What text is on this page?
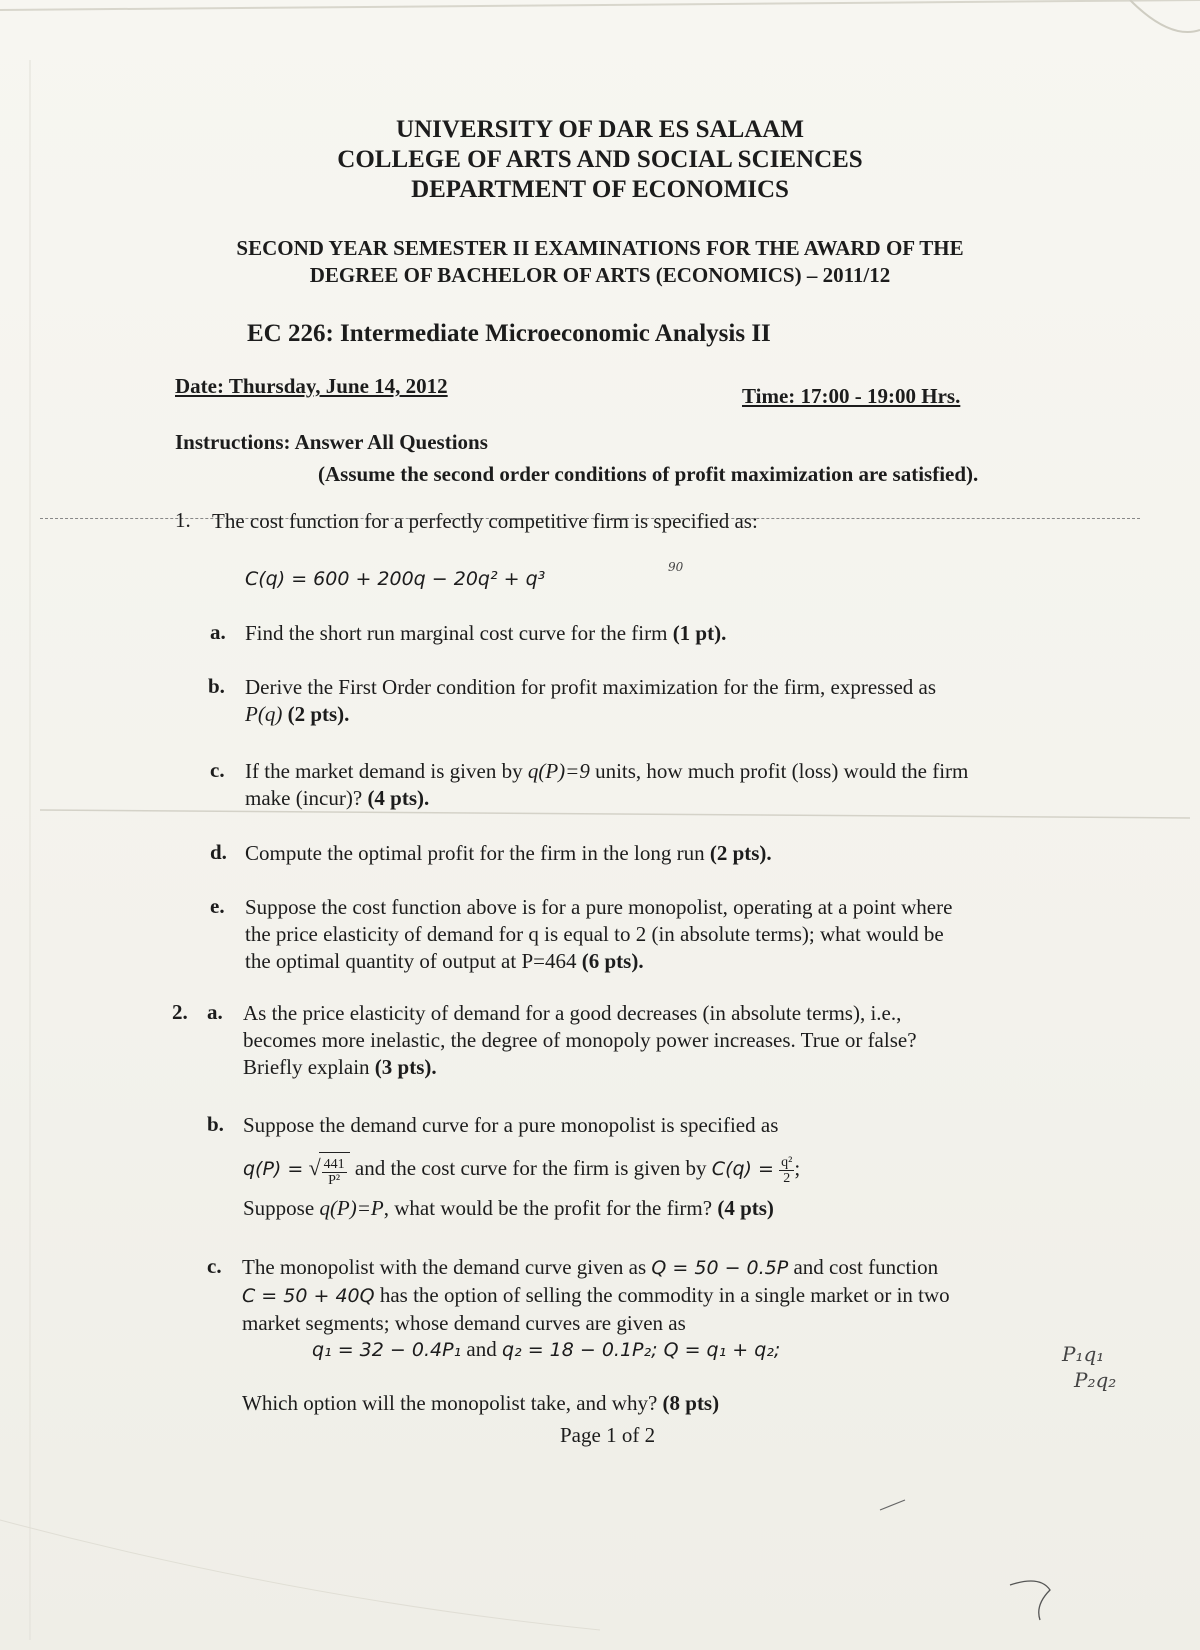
UNIVERSITY OF DAR ES SALAAM
COLLEGE OF ARTS AND SOCIAL SCIENCES
DEPARTMENT OF ECONOMICS
SECOND YEAR SEMESTER II EXAMINATIONS FOR THE AWARD OF THE
DEGREE OF BACHELOR OF ARTS (ECONOMICS) – 2011/12
EC 226: Intermediate Microeconomic Analysis II
Date: Thursday, June 14, 2012	Time: 17:00 - 19:00 Hrs.
Instructions: Answer All Questions
(Assume the second order conditions of profit maximization are satisfied).
1. The cost function for a perfectly competitive firm is specified as:
C(q) = 600 + 200q − 20q² + q³
a. Find the short run marginal cost curve for the firm (1 pt).
b. Derive the First Order condition for profit maximization for the firm, expressed as
P(q) (2 pts).
c. If the market demand is given by q(P)=9 units, how much profit (loss) would the firm
make (incur)? (4 pts).
d. Compute the optimal profit for the firm in the long run (2 pts).
e. Suppose the cost function above is for a pure monopolist, operating at a point where
the price elasticity of demand for q is equal to 2 (in absolute terms); what would be
the optimal quantity of output at P=464 (6 pts).
2. a. As the price elasticity of demand for a good decreases (in absolute terms), i.e.,
becomes more inelastic, the degree of monopoly power increases. True or false?
Briefly explain (3 pts).
b. Suppose the demand curve for a pure monopolist is specified as
q(P) = √ $\frac{441}{\text{P²}}$ and the cost curve for the firm is given by $C(q) = \frac{\text{q²}}{2}$ ;
Suppose q(P)=P, what would be the profit for the firm? (4 pts)
c. The monopolist with the demand curve given as Q = 50 − 0.5P and cost function
C = 50 + 40Q has the option of selling the commodity in a single market or in two
market segments; whose demand curves are given as
q₁ = 32 − 0.4P₁ and q₂ = 18 − 0.1P₂; Q = q₁ + q₂;
Which option will the monopolist take, and why? (8 pts)
Page 1 of 2
P₁q₁
P₂q₂
90
